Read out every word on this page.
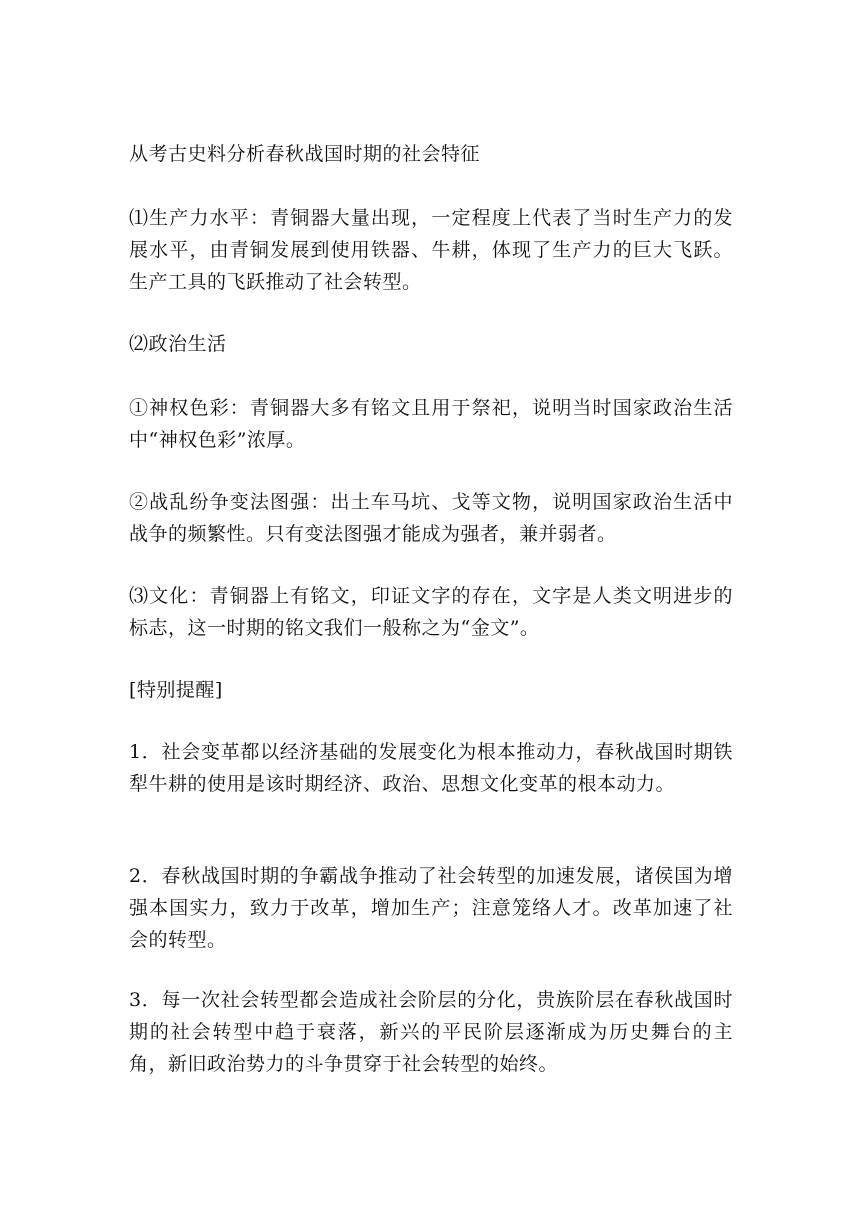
从考古史料分析春秋战国时期的社会特征

⑴生产力水平：青铜器大量出现，一定程度上代表了当时生产力的发展水平，由青铜发展到使用铁器、牛耕，体现了生产力的巨大飞跃。生产工具的飞跃推动了社会转型。

⑵政治生活

①神权色彩：青铜器大多有铭文且用于祭祀，说明当时国家政治生活中“神权色彩”浓厚。

②战乱纷争变法图强：出土车马坑、戈等文物，说明国家政治生活中战争的频繁性。只有变法图强才能成为强者，兼并弱者。

⑶文化：青铜器上有铭文，印证文字的存在，文字是人类文明进步的标志，这一时期的铭文我们一般称之为“金文”。

[特别提醒]

1．社会变革都以经济基础的发展变化为根本推动力，春秋战国时期铁犁牛耕的使用是该时期经济、政治、思想文化变革的根本动力。

2．春秋战国时期的争霸战争推动了社会转型的加速发展，诸侯国为增强本国实力，致力于改革，增加生产；注意笼络人才。改革加速了社会的转型。

3．每一次社会转型都会造成社会阶层的分化，贵族阶层在春秋战国时期的社会转型中趋于衰落，新兴的平民阶层逐渐成为历史舞台的主角，新旧政治势力的斗争贯穿于社会转型的始终。
